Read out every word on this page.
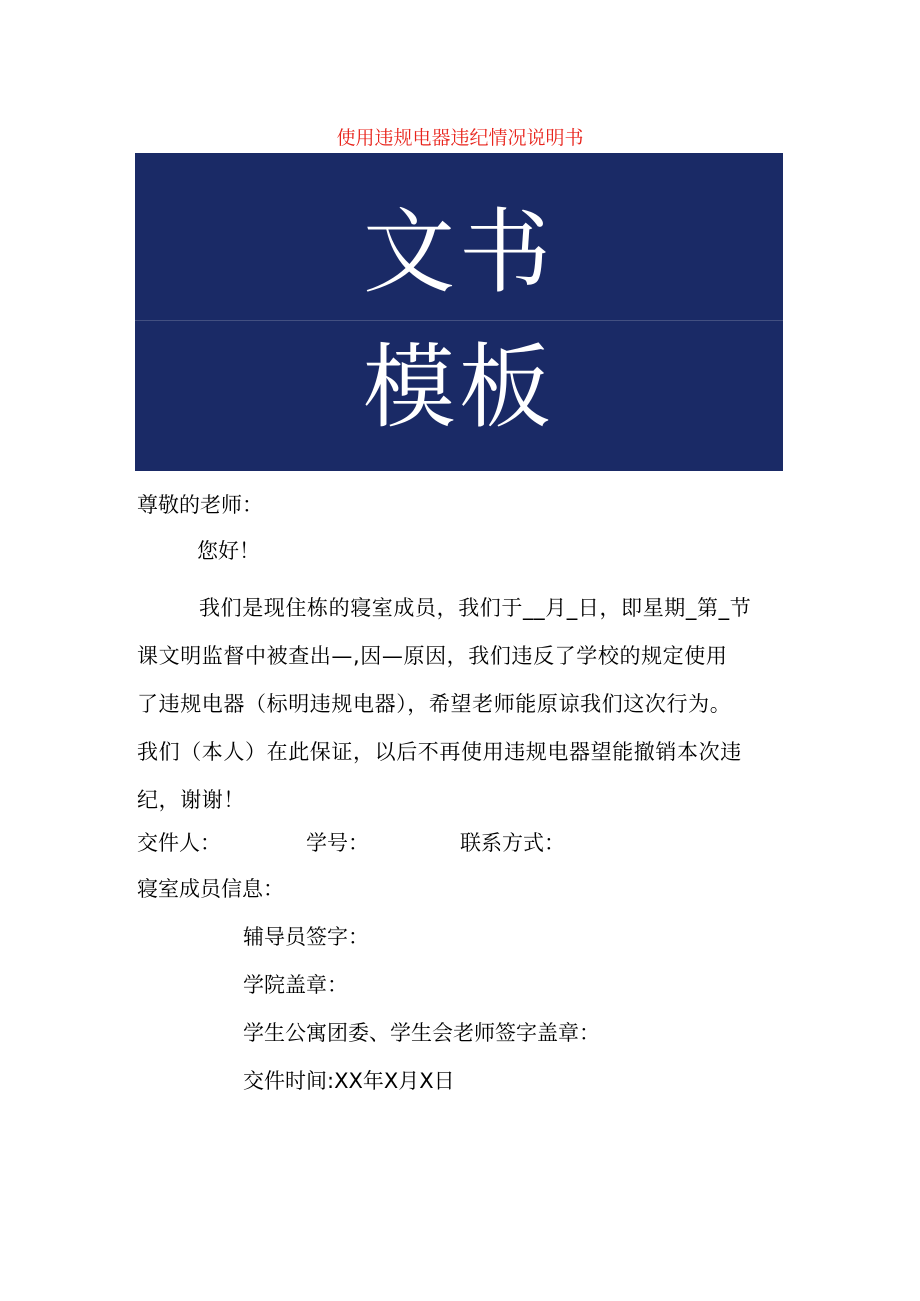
使用违规电器违纪情况说明书
文书
模板
尊敬的老师：
您好！
我们是现住栋的寝室成员，我们于__月_日，即星期_第_节
课文明监督中被查出—,因—原因，我们违反了学校的规定使用
了违规电器（标明违规电器），希望老师能原谅我们这次行为。
我们（本人）在此保证，以后不再使用违规电器望能撤销本次违
纪，谢谢！
交件人：	学号：	联系方式：
寝室成员信息：
辅导员签字：
学院盖章：
学生公寓团委、学生会老师签字盖章：
交件时间:XX年X月X日
